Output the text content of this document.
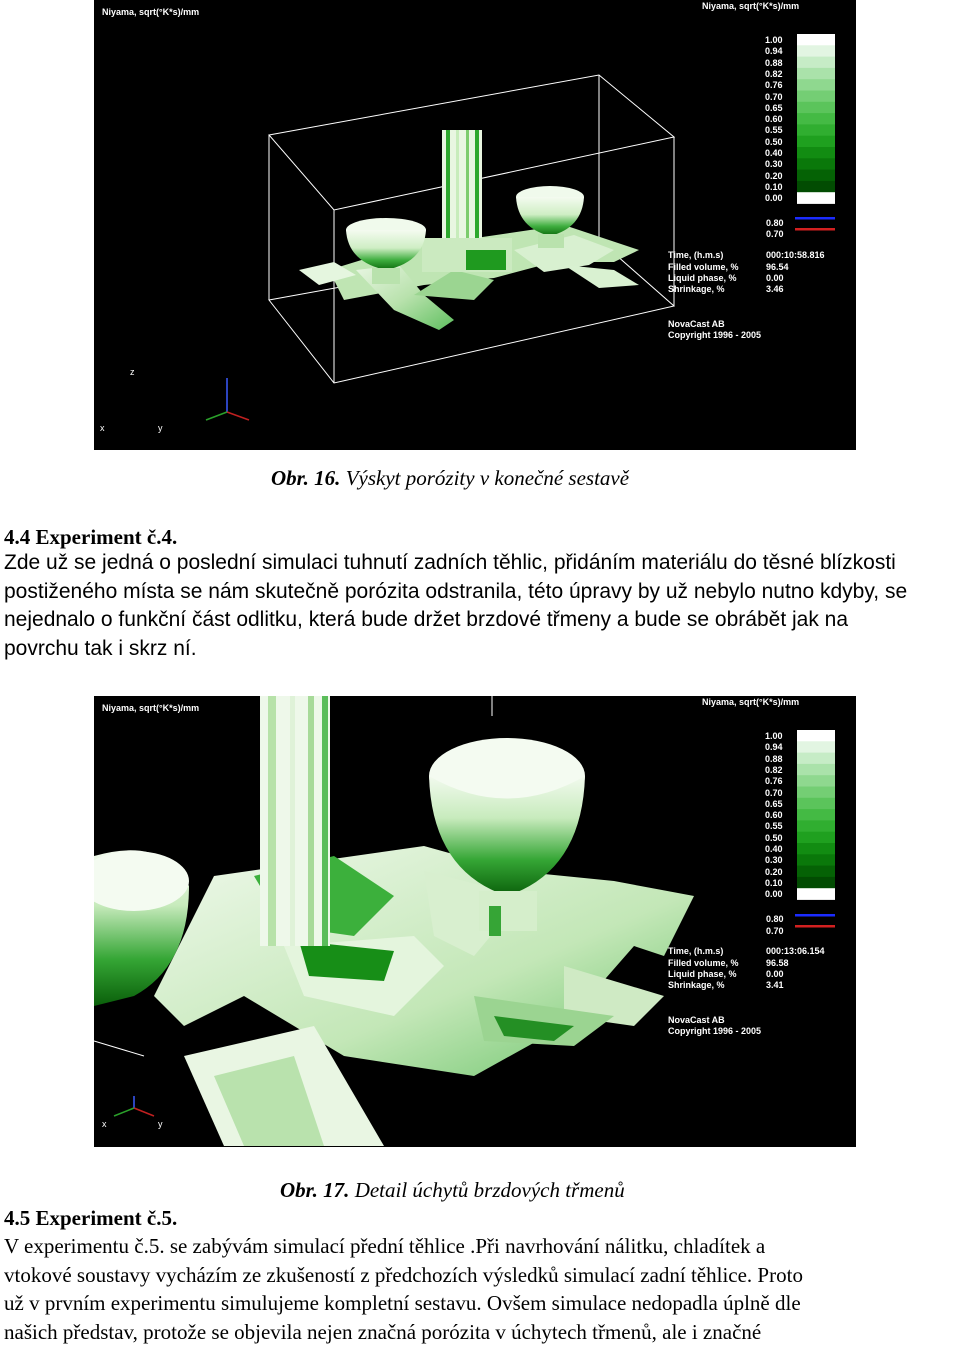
Niyama, sqrt(°K*s)/mm
Niyama, sqrt(°K*s)/mm
1.00
0.94
0.88
0.82
0.76
0.70
0.65
0.60
0.55
0.50
0.40
0.30
0.20
0.10
0.00
0.80
0.70
Time, (h.m.s)
Filled volume, %
Liquid phase, %
Shrinkage, %
000:10:58.816
96.54
0.00
3.46
NovaCast AB
Copyright 1996 - 2005
z
x	y
Obr. 16. Výskyt porózity v konečné sestavě
4.4 Experiment č.4.
Zde už se jedná o poslední simulaci tuhnutí zadních těhlic, přidáním materiálu do těsné blízkosti
postiženého místa se nám skutečně porózita odstranila, této úpravy by už nebylo nutno kdyby, se
nejednalo o funkční část odlitku, která bude držet brzdové třmeny a bude se obrábět jak na
povrchu tak i skrz ní.
Niyama, sqrt(°K*s)/mm
Niyama, sqrt(°K*s)/mm
1.00
0.94
0.88
0.82
0.76
0.70
0.65
0.60
0.55
0.50
0.40
0.30
0.20
0.10
0.00
0.80
0.70
Time, (h.m.s)
Filled volume, %
Liquid phase, %
Shrinkage, %
000:13:06.154
96.58
0.00
3.41
NovaCast AB
Copyright 1996 - 2005
x	y
Obr. 17. Detail úchytů brzdových třmenů
4.5 Experiment č.5.
V experimentu č.5. se zabývám simulací přední těhlice .Při navrhování nálitku, chladítek a
vtokové soustavy vycházím ze zkušeností z předchozích výsledků simulací zadní těhlice. Proto
už v prvním experimentu simulujeme kompletní sestavu. Ovšem simulace nedopadla úplně dle
našich představ, protože se objevila nejen značná porózita v úchytech třmenů, ale i značné
